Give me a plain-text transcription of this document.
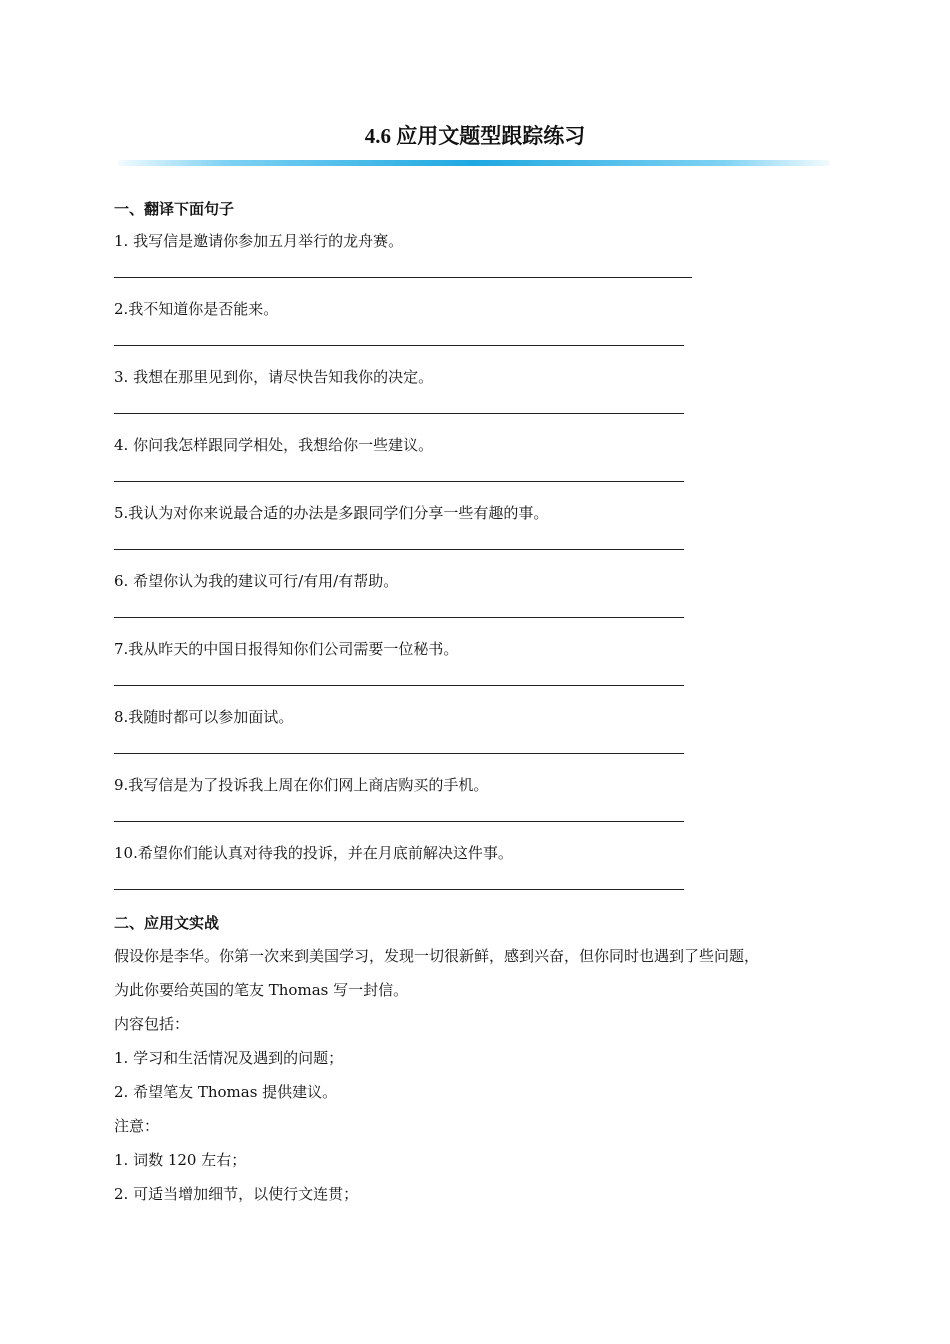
4.6 应用文题型跟踪练习
一、翻译下面句子
1. 我写信是邀请你参加五月举行的龙舟赛。
2.我不知道你是否能来。
3. 我想在那里见到你，请尽快告知我你的决定。
4. 你问我怎样跟同学相处，我想给你一些建议。
5.我认为对你来说最合适的办法是多跟同学们分享一些有趣的事。
6. 希望你认为我的建议可行/有用/有帮助。
7.我从昨天的中国日报得知你们公司需要一位秘书。
8.我随时都可以参加面试。
9.我写信是为了投诉我上周在你们网上商店购买的手机。
10.希望你们能认真对待我的投诉，并在月底前解决这件事。
二、应用文实战
假设你是李华。你第一次来到美国学习，发现一切很新鲜，感到兴奋，但你同时也遇到了些问题，
为此你要给英国的笔友 Thomas 写一封信。
内容包括：
1. 学习和生活情况及遇到的问题；
2. 希望笔友 Thomas 提供建议。
注意：
1. 词数 120 左右；
2. 可适当增加细节，以使行文连贯；
